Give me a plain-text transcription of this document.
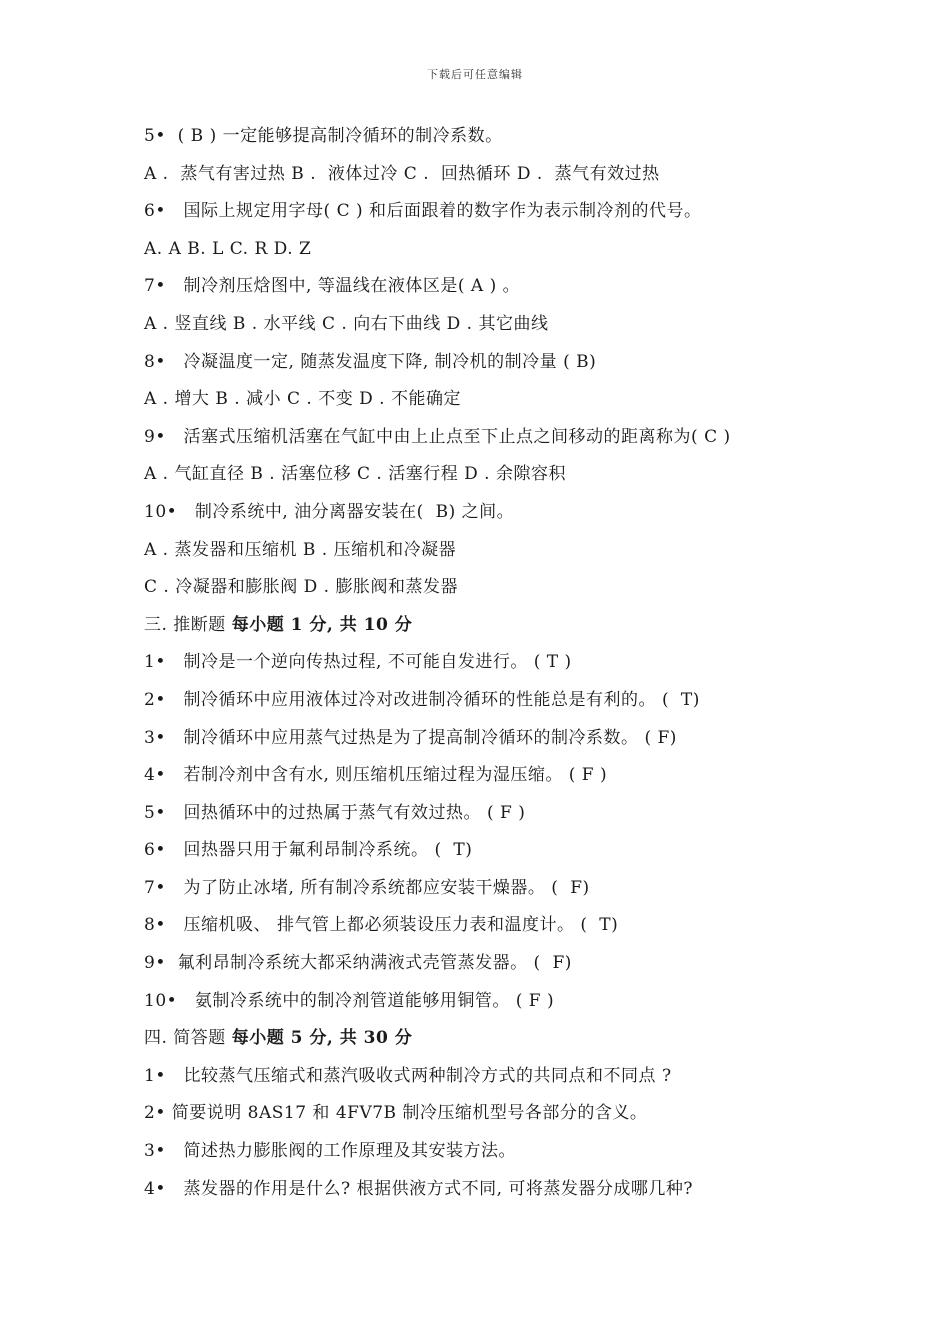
下载后可任意编辑
5•  ( B ) 一定能够提高制冷循环的制冷系数。
A .  蒸气有害过热 B .  液体过冷 C .  回热循环 D .  蒸气有效过热
6•   国际上规定用字母( C ) 和后面跟着的数字作为表示制冷剂的代号。
A. A B. L C. R D. Z
7•   制冷剂压焓图中, 等温线在液体区是( A ) 。
A . 竖直线 B . 水平线 C . 向右下曲线 D . 其它曲线
8•   冷凝温度一定, 随蒸发温度下降, 制冷机的制冷量 ( B)
A . 增大 B . 减小 C . 不变 D . 不能确定
9•   活塞式压缩机活塞在气缸中由上止点至下止点之间移动的距离称为( C )
A . 气缸直径 B . 活塞位移 C . 活塞行程 D . 余隙容积
10•   制冷系统中, 油分离器安装在(  B) 之间。
A . 蒸发器和压缩机 B . 压缩机和冷凝器
C . 冷凝器和膨胀阀 D . 膨胀阀和蒸发器
三. 推断题 每小题 1 分, 共 10 分
1•   制冷是一个逆向传热过程, 不可能自发进行。 ( T )
2•   制冷循环中应用液体过冷对改进制冷循环的性能总是有利的。 (  T)
3•   制冷循环中应用蒸气过热是为了提高制冷循环的制冷系数。 ( F)
4•   若制冷剂中含有水, 则压缩机压缩过程为湿压缩。 ( F )
5•   回热循环中的过热属于蒸气有效过热。 ( F )
6•   回热器只用于氟利昂制冷系统。 (  T)
7•   为了防止冰堵, 所有制冷系统都应安装干燥器。 (  F)
8•   压缩机吸、 排气管上都必须装设压力表和温度计。 (  T)
9•  氟利昂制冷系统大都采纳满液式壳管蒸发器。 (  F)
10•   氨制冷系统中的制冷剂管道能够用铜管。 ( F )
四. 简答题 每小题 5 分, 共 30 分
1•   比较蒸气压缩式和蒸汽吸收式两种制冷方式的共同点和不同点 ?
2• 简要说明 8AS17 和 4FV7B 制冷压缩机型号各部分的含义。
3•   简述热力膨胀阀的工作原理及其安装方法。
4•   蒸发器的作用是什么? 根据供液方式不同, 可将蒸发器分成哪几种?
